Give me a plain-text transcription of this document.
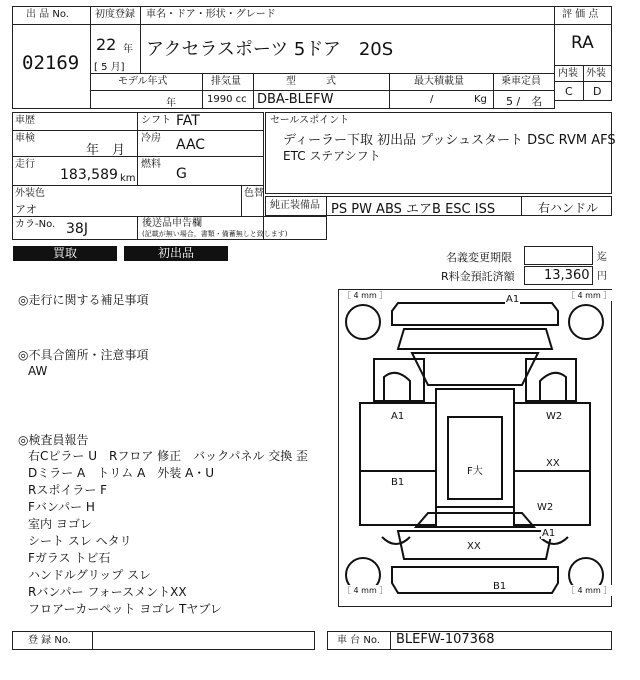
出 品 No.
02169
初度登録 車名・ドア・形状・グレード
22 年
[ 5 月]
アクセラスポーツ 5ドア　20S
モデル年式	排気量	型　　　式	最大積載量	乗車定員
年	1990 cc DBA-BLEFW	/	Kg 5 /　名
評 価 点
RA
内装 外装
C D
車歴	シフト FAT
車検
年　月
冷房 AAC
走行
183,589 km
燃料
G
外装色
アオ
色替
カラ-No. 38J	後送品申告欄
(記載が無い場合，書類・備蓄無しと致します)
セールスポイント
ディーラー下取 初出品 プッシュスタート DSC RVM AFS
ETC ステアシフト
純正装備品 PS PW ABS エアB ESC ISS	右ハンドル
買取	初出品	名義変更期限	迄
R料金預託済額 13,360 円
◎走行に関する補足事項
◎不具合箇所・注意事項
AW
◎検査員報告
右Cピラー U　Rフロア 修正　バックパネル 交換 歪
Dミラー A　トリム A　外装 A・U
Rスポイラー F
Fバンパー H
室内 ヨゴレ
シート スレ ヘタリ
Fガラス トビ石
ハンドルグリップ スレ
Rバンパー フォースメントXX
フロアーカーペット ヨゴレ Tヤブレ
［ 4 mm ］	［ 4 mm ］
［ 4 mm ］	［ 4 mm ］
A1
A1	W2
F大
XX
B1
W2
A1
XX
B1
登 録 No.	車 台 No. BLEFW-107368
